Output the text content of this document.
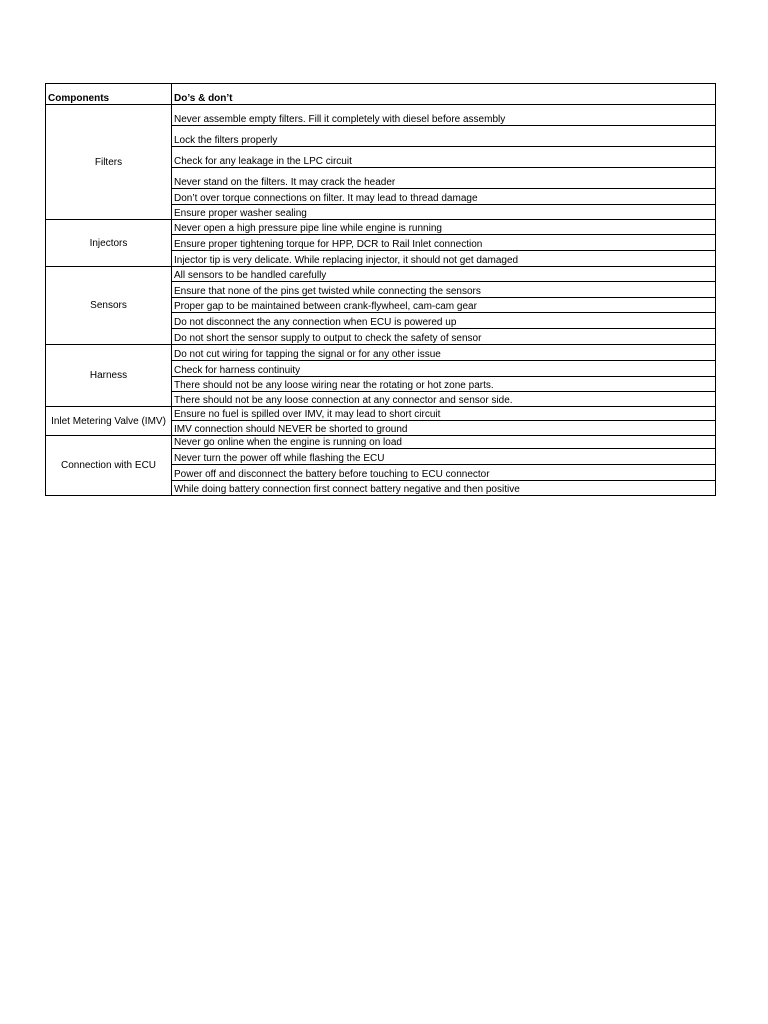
Components	Do’s & don’t
Filters	Never assemble empty filters. Fill it completely with diesel before assembly
	Lock the filters properly
	Check for any leakage in the LPC circuit
	Never stand on the filters. It may crack the header
	Don’t over torque connections on filter. It may lead to thread damage
	Ensure proper washer sealing
Injectors	Never open a high pressure pipe line while engine is running
	Ensure proper tightening torque for HPP, DCR to Rail Inlet connection
	Injector tip is very delicate. While replacing injector, it should not get damaged
Sensors	All sensors to be handled carefully
	Ensure that none of the pins get twisted while connecting the sensors
	Proper gap to be maintained between crank-flywheel, cam-cam gear
	Do not disconnect the any connection when ECU is powered up
	Do not short the sensor supply to output to check the safety of sensor
Harness	Do not cut wiring for tapping the signal or for any other issue
	Check for harness continuity
	There should not be any loose wiring near the rotating or hot zone parts.
	There should not be any loose connection at any connector and sensor side.
Inlet Metering Valve (IMV)	Ensure no fuel is spilled over IMV, it may lead to short circuit
	IMV connection should NEVER be shorted to ground
Connection with ECU	Never go online when the engine is running on load
	Never turn the power off while flashing the ECU
	Power off and disconnect the battery before touching to ECU connector
	While doing battery connection first connect battery negative and then positive
